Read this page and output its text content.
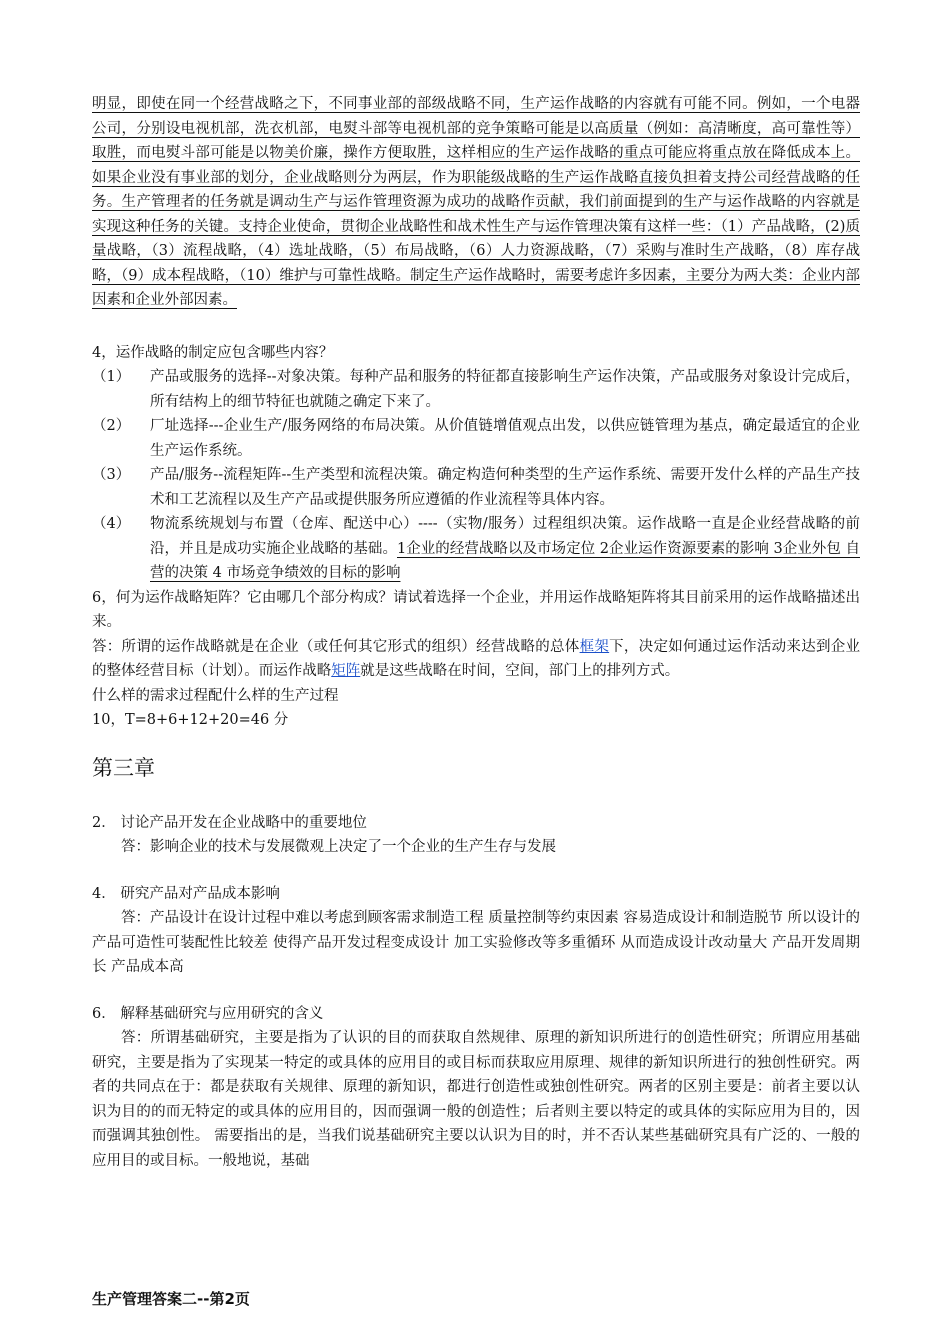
明显，即使在同一个经营战略之下，不同事业部的部级战略不同，生产运作战略的内容就有可能不同。例如，一个电器公司，分别设电视机部，洗衣机部，电熨斗部等电视机部的竞争策略可能是以高质量（例如：高清晰度，高可靠性等）取胜，而电熨斗部可能是以物美价廉，操作方便取胜，这样相应的生产运作战略的重点可能应将重点放在降低成本上。如果企业没有事业部的划分，企业战略则分为两层，作为职能级战略的生产运作战略直接负担着支持公司经营战略的任务。生产管理者的任务就是调动生产与运作管理资源为成功的战略作贡献，我们前面提到的生产与运作战略的内容就是实现这种任务的关键。支持企业使命，贯彻企业战略性和战术性生产与运作管理决策有这样一些：（1）产品战略，(2)质量战略，（3）流程战略，（4）选址战略，（5）布局战略，（6）人力资源战略，（7）采购与准时生产战略，（8）库存战略，（9）成本程战略，（10）维护与可靠性战略。制定生产运作战略时，需要考虑许多因素，主要分为两大类：企业内部因素和企业外部因素。

4，运作战略的制定应包含哪些内容？

（1）	产品或服务的选择--对象决策。每种产品和服务的特征都直接影响生产运作决策，产品或服务对象设计完成后，所有结构上的细节特征也就随之确定下来了。
（2）	厂址选择---企业生产/服务网络的布局决策。从价值链增值观点出发，以供应链管理为基点，确定最适宜的企业生产运作系统。
（3）	产品/服务--流程矩阵--生产类型和流程决策。确定构造何种类型的生产运作系统、需要开发什么样的产品生产技术和工艺流程以及生产产品或提供服务所应遵循的作业流程等具体内容。
（4）	物流系统规划与布置（仓库、配送中心）----（实物/服务）过程组织决策。运作战略一直是企业经营战略的前沿，并且是成功实施企业战略的基础。1企业的经营战略以及市场定位 2企业运作资源要素的影响 3企业外包 自营的决策 4 市场竞争绩效的目标的影响

6，何为运作战略矩阵？它由哪几个部分构成？请试着选择一个企业，并用运作战略矩阵将其目前采用的运作战略描述出来。

答：所谓的运作战略就是在企业（或任何其它形式的组织）经营战略的总体框架下，决定如何通过运作活动来达到企业的整体经营目标（计划）。而运作战略矩阵就是这些战略在时间，空间，部门上的排列方式。

什么样的需求过程配什么样的生产过程

10，T=8+6+12+20=46 分

第三章

2． 讨论产品开发在企业战略中的重要地位

答：影响企业的技术与发展微观上决定了一个企业的生产生存与发展

4． 研究产品对产品成本影响

答：产品设计在设计过程中难以考虑到顾客需求制造工程 质量控制等约束因素 容易造成设计和制造脱节 所以设计的产品可造性可装配性比较差 使得产品开发过程变成设计 加工实验修改等多重循环 从而造成设计改动量大 产品开发周期长 产品成本高

6． 解释基础研究与应用研究的含义

答：所谓基础研究，主要是指为了认识的目的而获取自然规律、原理的新知识所进行的创造性研究；所谓应用基础研究，主要是指为了实现某一特定的或具体的应用目的或目标而获取应用原理、规律的新知识所进行的独创性研究。两者的共同点在于：都是获取有关规律、原理的新知识，都进行创造性或独创性研究。两者的区别主要是：前者主要以认识为目的的而无特定的或具体的应用目的，因而强调一般的创造性；后者则主要以特定的或具体的实际应用为目的，因而强调其独创性。 需要指出的是，当我们说基础研究主要以认识为目的时，并不否认某些基础研究具有广泛的、一般的应用目的或目标。一般地说，基础

生产管理答案二--第2页
